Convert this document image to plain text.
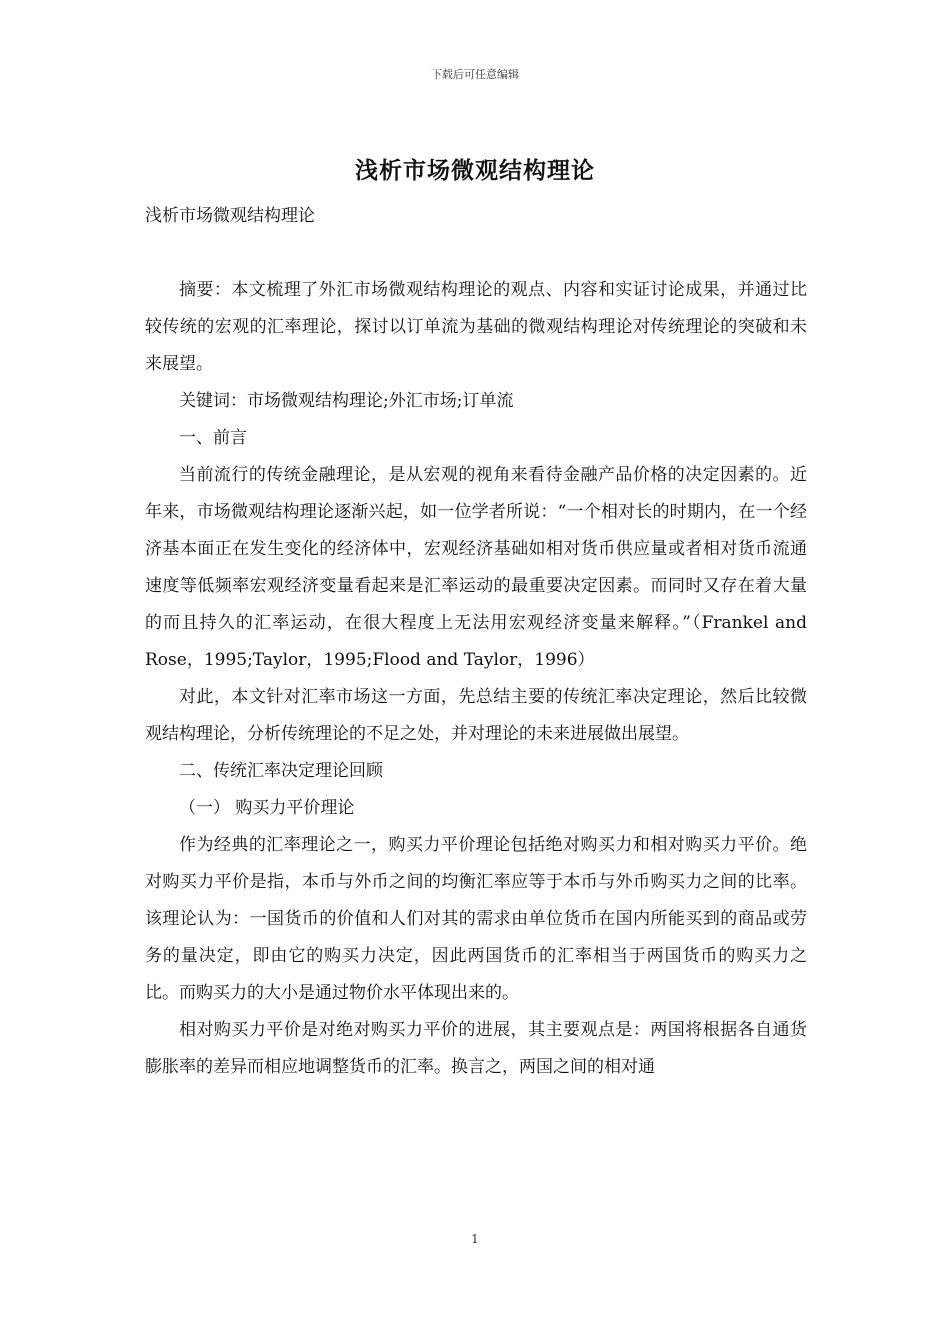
下载后可任意编辑
浅析市场微观结构理论

浅析市场微观结构理论

摘要：本文梳理了外汇市场微观结构理论的观点、内容和实证讨论成果，并通过比较传统的宏观的汇率理论，探讨以订单流为基础的微观结构理论对传统理论的突破和未来展望。

关键词：市场微观结构理论;外汇市场;订单流

一、前言

当前流行的传统金融理论，是从宏观的视角来看待金融产品价格的决定因素的。近年来，市场微观结构理论逐渐兴起，如一位学者所说：“一个相对长的时期内，在一个经济基本面正在发生变化的经济体中，宏观经济基础如相对货币供应量或者相对货币流通速度等低频率宏观经济变量看起来是汇率运动的最重要决定因素。而同时又存在着大量的而且持久的汇率运动，在很大程度上无法用宏观经济变量来解释。”（Frankel and Rose，1995;Taylor，1995;Flood and Taylor，1996）

对此，本文针对汇率市场这一方面，先总结主要的传统汇率决定理论，然后比较微观结构理论，分析传统理论的不足之处，并对理论的未来进展做出展望。

二、传统汇率决定理论回顾

（一） 购买力平价理论

作为经典的汇率理论之一，购买力平价理论包括绝对购买力和相对购买力平价。绝对购买力平价是指，本币与外币之间的均衡汇率应等于本币与外币购买力之间的比率。该理论认为：一国货币的价值和人们对其的需求由单位货币在国内所能买到的商品或劳务的量决定，即由它的购买力决定，因此两国货币的汇率相当于两国货币的购买力之比。而购买力的大小是通过物价水平体现出来的。

相对购买力平价是对绝对购买力平价的进展，其主要观点是：两国将根据各自通货膨胀率的差异而相应地调整货币的汇率。换言之，两国之间的相对通

1
